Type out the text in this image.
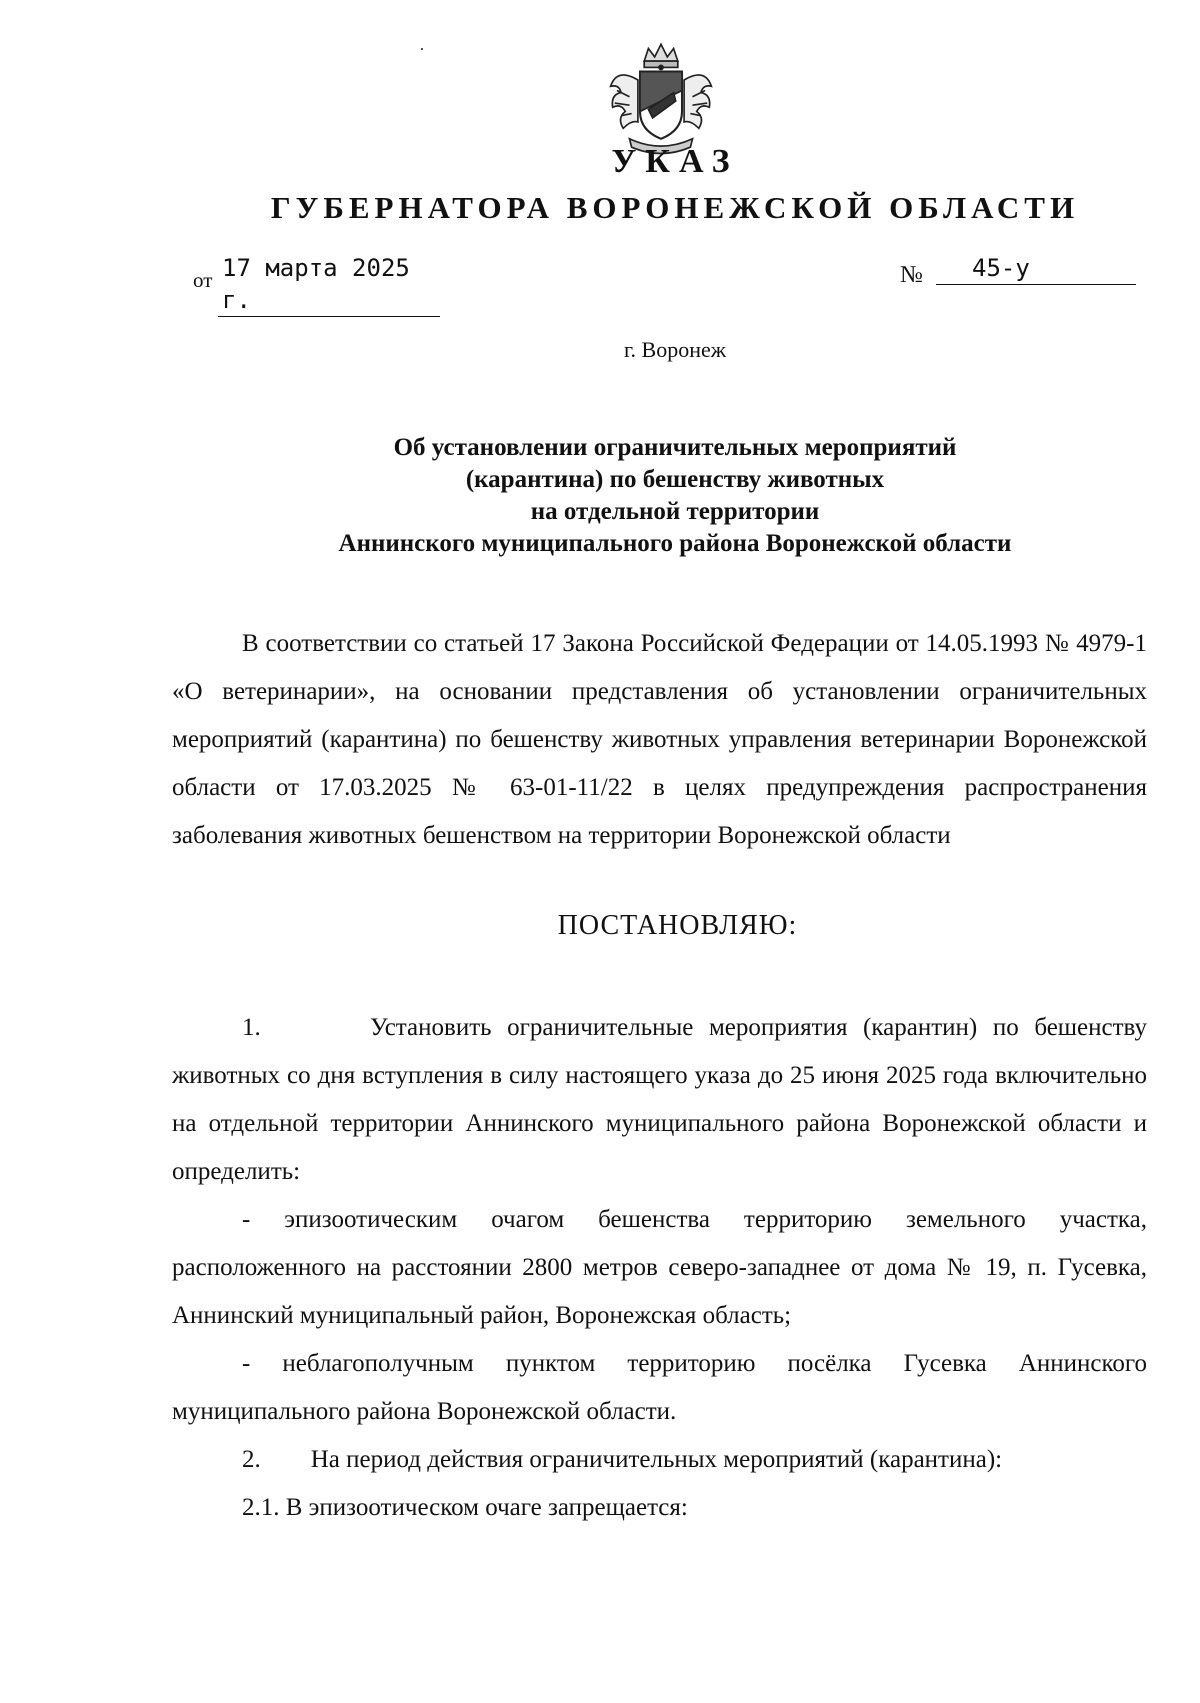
УКАЗ
ГУБЕРНАТОРА ВОРОНЕЖСКОЙ ОБЛАСТИ
от 17 марта 2025 г.
№	45-у
г. Воронеж
Об установлении ограничительных мероприятий
(карантина) по бешенству животных
на отдельной территории
Аннинского муниципального района Воронежской области

В соответствии со статьей 17 Закона Российской Федерации от 14.05.1993 № 4979-1 «О ветеринарии», на основании представления об установлении ограничительных мероприятий (карантина) по бешенству животных управления ветеринарии Воронежской области от 17.03.2025 № 63-01-11/22 в целях предупреждения распространения заболевания животных бешенством на территории Воронежской области

ПОСТАНОВЛЯЮ:

1.	Установить ограничительные мероприятия (карантин) по бешенству животных со дня вступления в силу настоящего указа до 25 июня 2025 года включительно на отдельной территории Аннинского муниципального района Воронежской области и определить:

- эпизоотическим очагом бешенства территорию земельного участка, расположенного на расстоянии 2800 метров северо-западнее от дома № 19, п. Гусевка, Аннинский муниципальный район, Воронежская область;

- неблагополучным пунктом территорию посёлка Гусевка Аннинского муниципального района Воронежской области.

2. На период действия ограничительных мероприятий (карантина):

2.1. В эпизоотическом очаге запрещается:
